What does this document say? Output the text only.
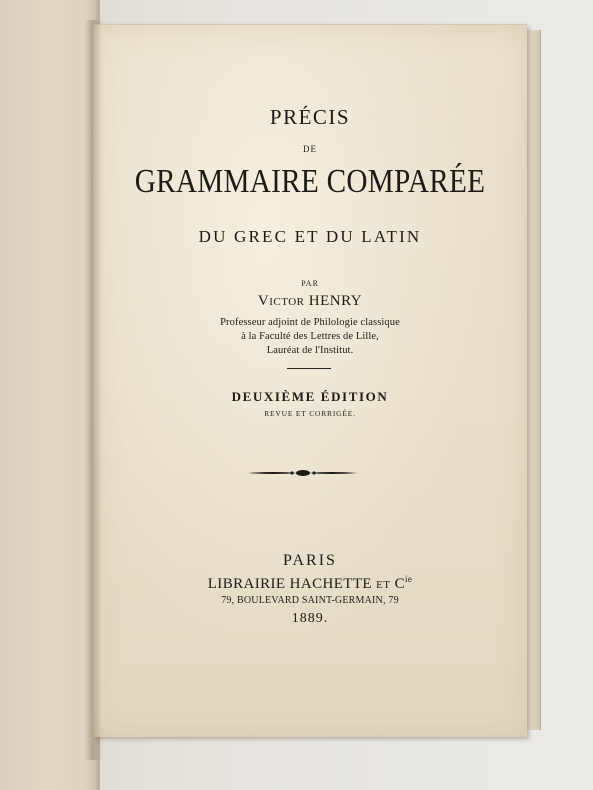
PRÉCIS
DE
GRAMMAIRE COMPARÉE
DU GREC ET DU LATIN
PAR
Victor HENRY
Professeur adjoint de Philologie classique
à la Faculté des Lettres de Lille,
Lauréat de l'Institut.
DEUXIÈME ÉDITION
REVUE ET CORRIGÉE.
PARIS
LIBRAIRIE HACHETTE ET $C^{ie}$
79, BOULEVARD SAINT-GERMAIN, 79
1889.
